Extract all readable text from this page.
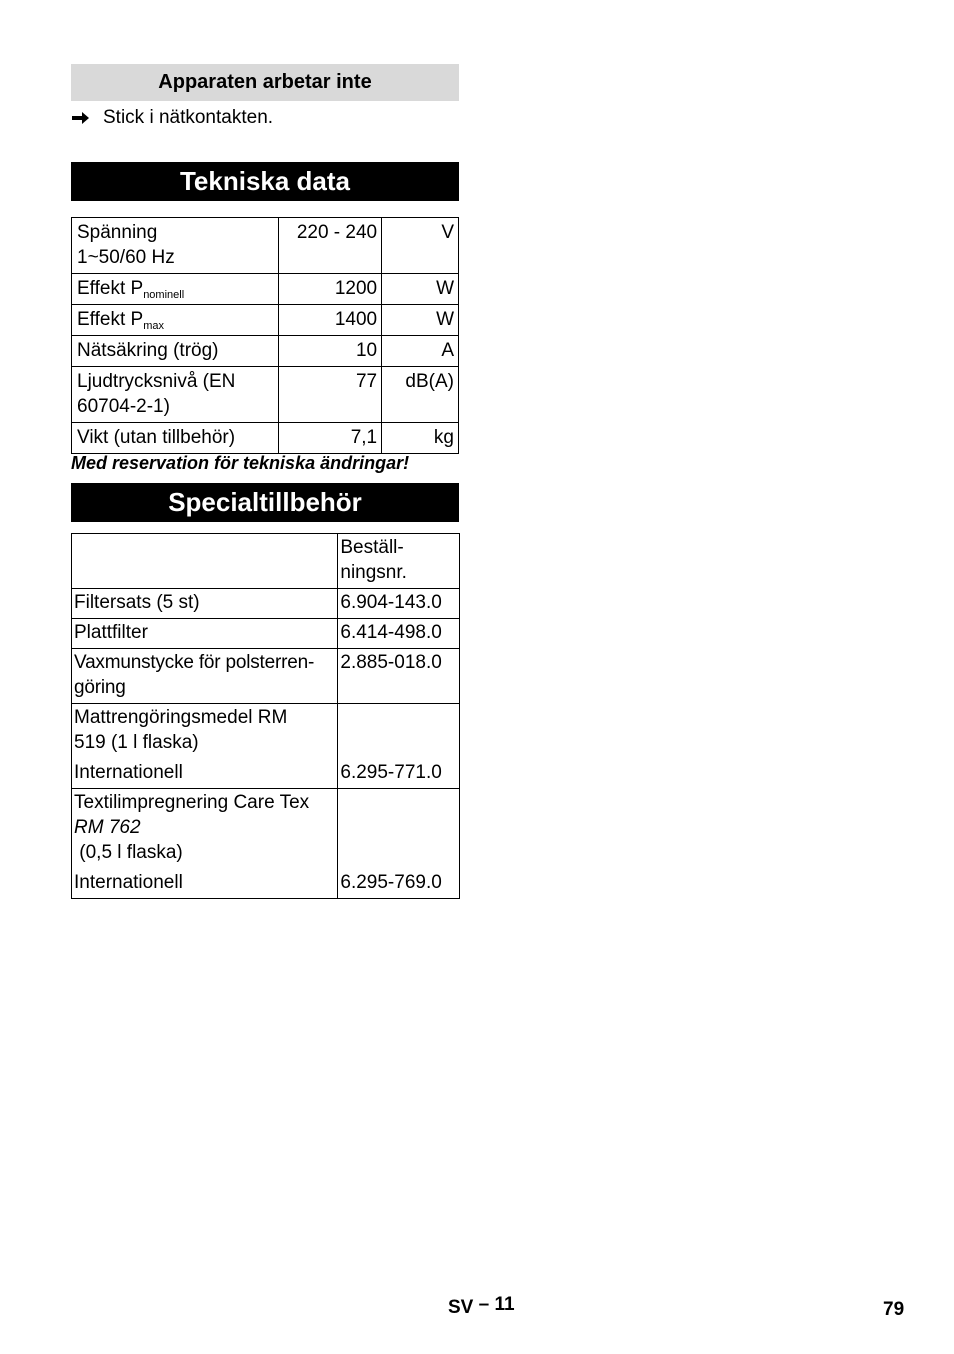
Apparaten arbetar inte
Stick i nätkontakten.
Tekniska data
Spänning
1~50/60 Hz	220 - 240	V
Effekt $P_{nominell}$	1200	W
Effekt $P_{max}$	1400	W
Nätsäkring (trög)	10	A
Ljudtrycksnivå (EN
60704-2-1)	77	dB(A)
Vikt (utan tillbehör)	7,1	kg
Med reservation för tekniska ändringar!
Specialtillbehör
	Beställ-
ningsnr.
Filtersats (5 st)	6.904-143.0
Plattfilter	6.414-498.0
Vaxmunstycke för polsterren-
göring	2.885-018.0
Mattrengöringsmedel RM
519 (1 l flaska)
Internationell	6.295-771.0
Textilimpregnering Care Tex
RM 762
(0,5 l flaska)
Internationell	6.295-769.0
SV – 11	79
